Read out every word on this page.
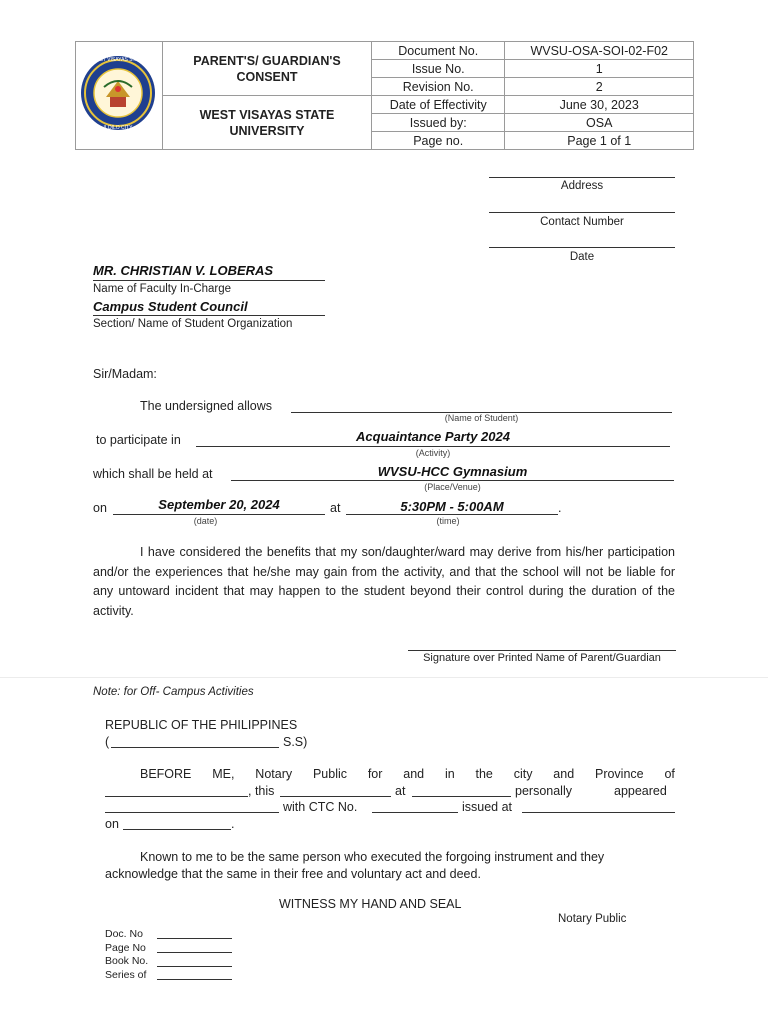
	PARENT'S/ GUARDIAN'S
CONSENT	Document No.	WVSU-OSA-SOI-02-F02
		Issue No.	1
		Revision No.	2

	WEST VISAYAS STATE
UNIVERSITY	Date of Effectivity	June 30, 2023
		Issued by:	OSA
		Page no.	Page 1 of 1
WEST VISAYAS STATE
ILOILO CITY
Address
Contact Number
Date
MR. CHRISTIAN V. LOBERAS
Name of Faculty In-Charge
Campus Student Council
Section/ Name of Student Organization
Sir/Madam:
The undersigned allows
(Name of Student)
to participate in	Acquaintance Party 2024
(Activity)
which shall be held at	WVSU-HCC Gymnasium
(Place/Venue)
on	September 20, 2024
(date)
at	5:30PM - 5:00AM	.
(time)
I have considered the benefits that my son/daughter/ward may derive from his/her participation and/or the experiences that he/she may gain from the activity, and that the school will not be liable for any untoward incident that may happen to the student beyond their control during the duration of the activity.
Signature over Printed Name of Parent/Guardian
Note: for Off- Campus Activities
REPUBLIC OF THE PHILIPPINES
(	S.S)
BEFORE ME, Notary Public for and in the city and Province of
, this	at	personally	appeared
with CTC No.	issued at
on	.
Known to me to be the same person who executed the forgoing instrument and they acknowledge that the same in their free and voluntary act and deed.
WITNESS MY HAND AND SEAL
Notary Public
Doc. No
Page No
Book No.
Series of
